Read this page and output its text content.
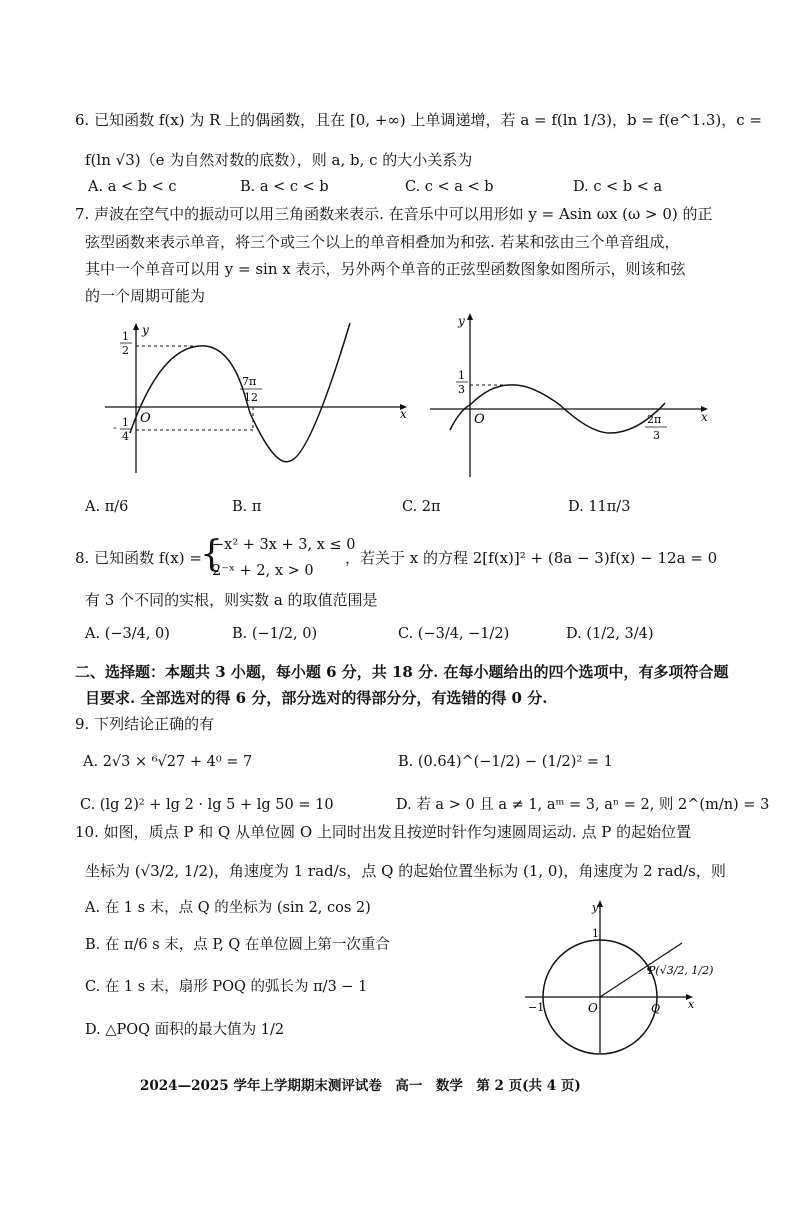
6. 已知函数 f(x) 为 R 上的偶函数，且在 [0, +∞) 上单调递增，若 a = f(ln 1/3)，b = f(e^1.3)，c =
f(ln √3)（e 为自然对数的底数），则 a, b, c 的大小关系为
A. a < b < c	B. a < c < b	C. c < a < b	D. c < b < a
7. 声波在空气中的振动可以用三角函数来表示. 在音乐中可以用形如 y = Asin ωx (ω > 0) 的正
弦型函数来表示单音，将三个或三个以上的单音相叠加为和弦. 若某和弦由三个单音组成，
其中一个单音可以用 y = sin x 表示，另外两个单音的正弦型函数图象如图所示，则该和弦
的一个周期可能为
y
x
O
1
2
- 1
4
7π
12
y
x
O
1
3
2π
3
A. π/6	B. π	C. 2π	D. 11π/3
8. 已知函数 f(x) =
{
−x² + 3x + 3, x ≤ 0
2⁻ˣ + 2, x > 0
，若关于 x 的方程 2[f(x)]² + (8a − 3)f(x) − 12a = 0
有 3 个不同的实根，则实数 a 的取值范围是
A. (−3/4, 0)	B. (−1/2, 0)	C. (−3/4, −1/2)	D. (1/2, 3/4)
二、选择题：本题共 3 小题，每小题 6 分，共 18 分. 在每小题给出的四个选项中，有多项符合题
目要求. 全部选对的得 6 分，部分选对的得部分分，有选错的得 0 分.
9. 下列结论正确的有
A. 2√3 × ⁶√27 + 4⁰ = 7	B. (0.64)^(−1/2) − (1/2)² = 1
C. (lg 2)² + lg 2 · lg 5 + lg 50 = 10	D. 若 a > 0 且 a ≠ 1, aᵐ = 3, aⁿ = 2, 则 2^(m/n) = 3
10. 如图，质点 P 和 Q 从单位圆 O 上同时出发且按逆时针作匀速圆周运动. 点 P 的起始位置
坐标为 (√3/2, 1/2)，角速度为 1 rad/s，点 Q 的起始位置坐标为 (1, 0)，角速度为 2 rad/s，则
A. 在 1 s 末，点 Q 的坐标为 (sin 2, cos 2)
B. 在 π/6 s 末，点 P, Q 在单位圆上第一次重合
C. 在 1 s 末，扇形 POQ 的弧长为 π/3 − 1
D. △POQ 面积的最大值为 1/2
y
x
O
1
−1
P(√3/2, 1/2)
Q
2024—2025 学年上学期期末测评试卷　高一　数学　第 2 页(共 4 页)
